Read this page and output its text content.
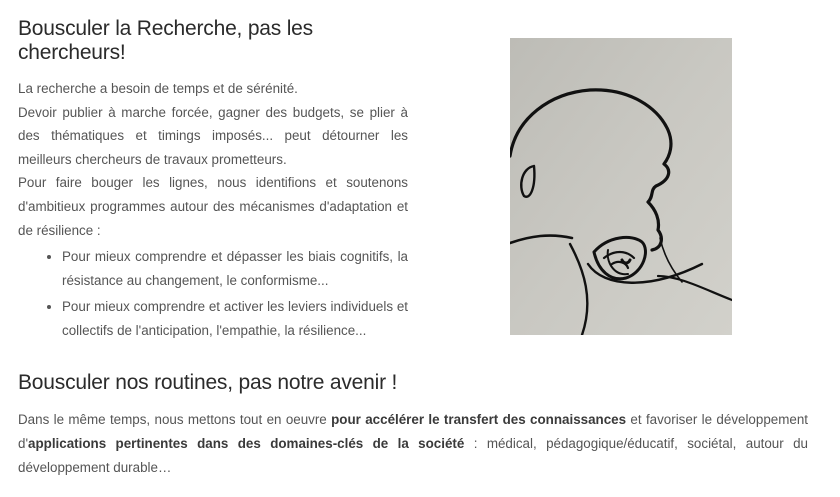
Bousculer la Recherche, pas les chercheurs!

La recherche a besoin de temps et de sérénité.

Devoir publier à marche forcée, gagner des budgets, se plier à des thématiques et timings imposés... peut détourner les meilleurs chercheurs de travaux prometteurs.

Pour faire bouger les lignes, nous identifions et soutenons d'ambitieux programmes autour des mécanismes d'adaptation et de résilience :

• Pour mieux comprendre et dépasser les biais cognitifs, la résistance au changement, le conformisme...
• Pour mieux comprendre et activer les leviers individuels et collectifs de l'anticipation, l'empathie, la résilience...
Bousculer nos routines, pas notre avenir !

Dans le même temps, nous mettons tout en oeuvre pour accélérer le transfert des connaissances et favoriser le développement d'applications pertinentes dans des domaines-clés de la société : médical, pédagogique/éducatif, sociétal, autour du développement durable…
